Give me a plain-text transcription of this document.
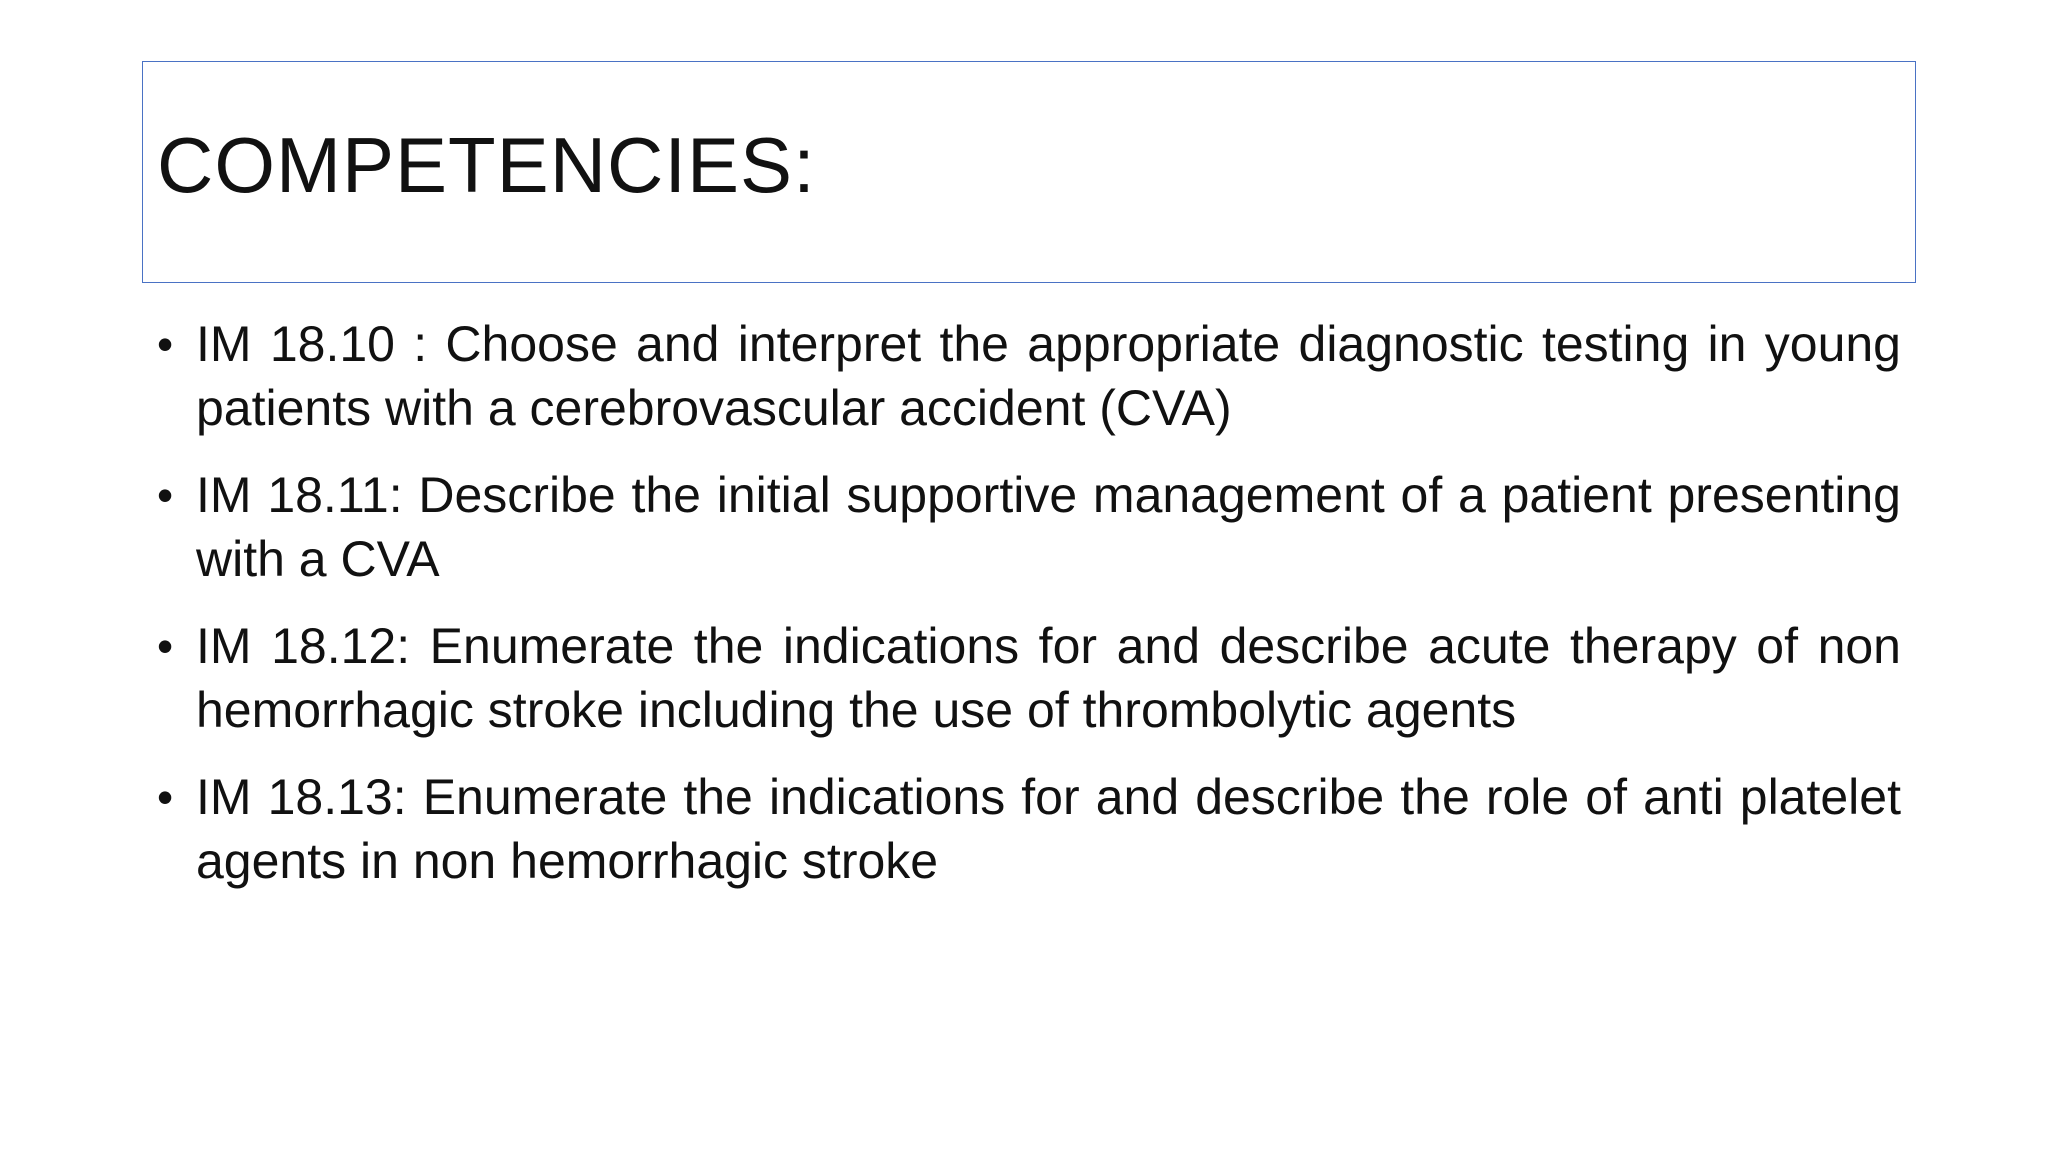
COMPETENCIES:
• IM 18.10 : Choose and interpret the appropriate diagnostic testing in young patients with a cerebrovascular accident (CVA)
• IM 18.11: Describe the initial supportive management of a patient presenting with a CVA
• IM 18.12: Enumerate the indications for and describe acute therapy of non hemorrhagic stroke including the use of thrombolytic agents
• IM 18.13: Enumerate the indications for and describe the role of anti platelet agents in non hemorrhagic stroke
